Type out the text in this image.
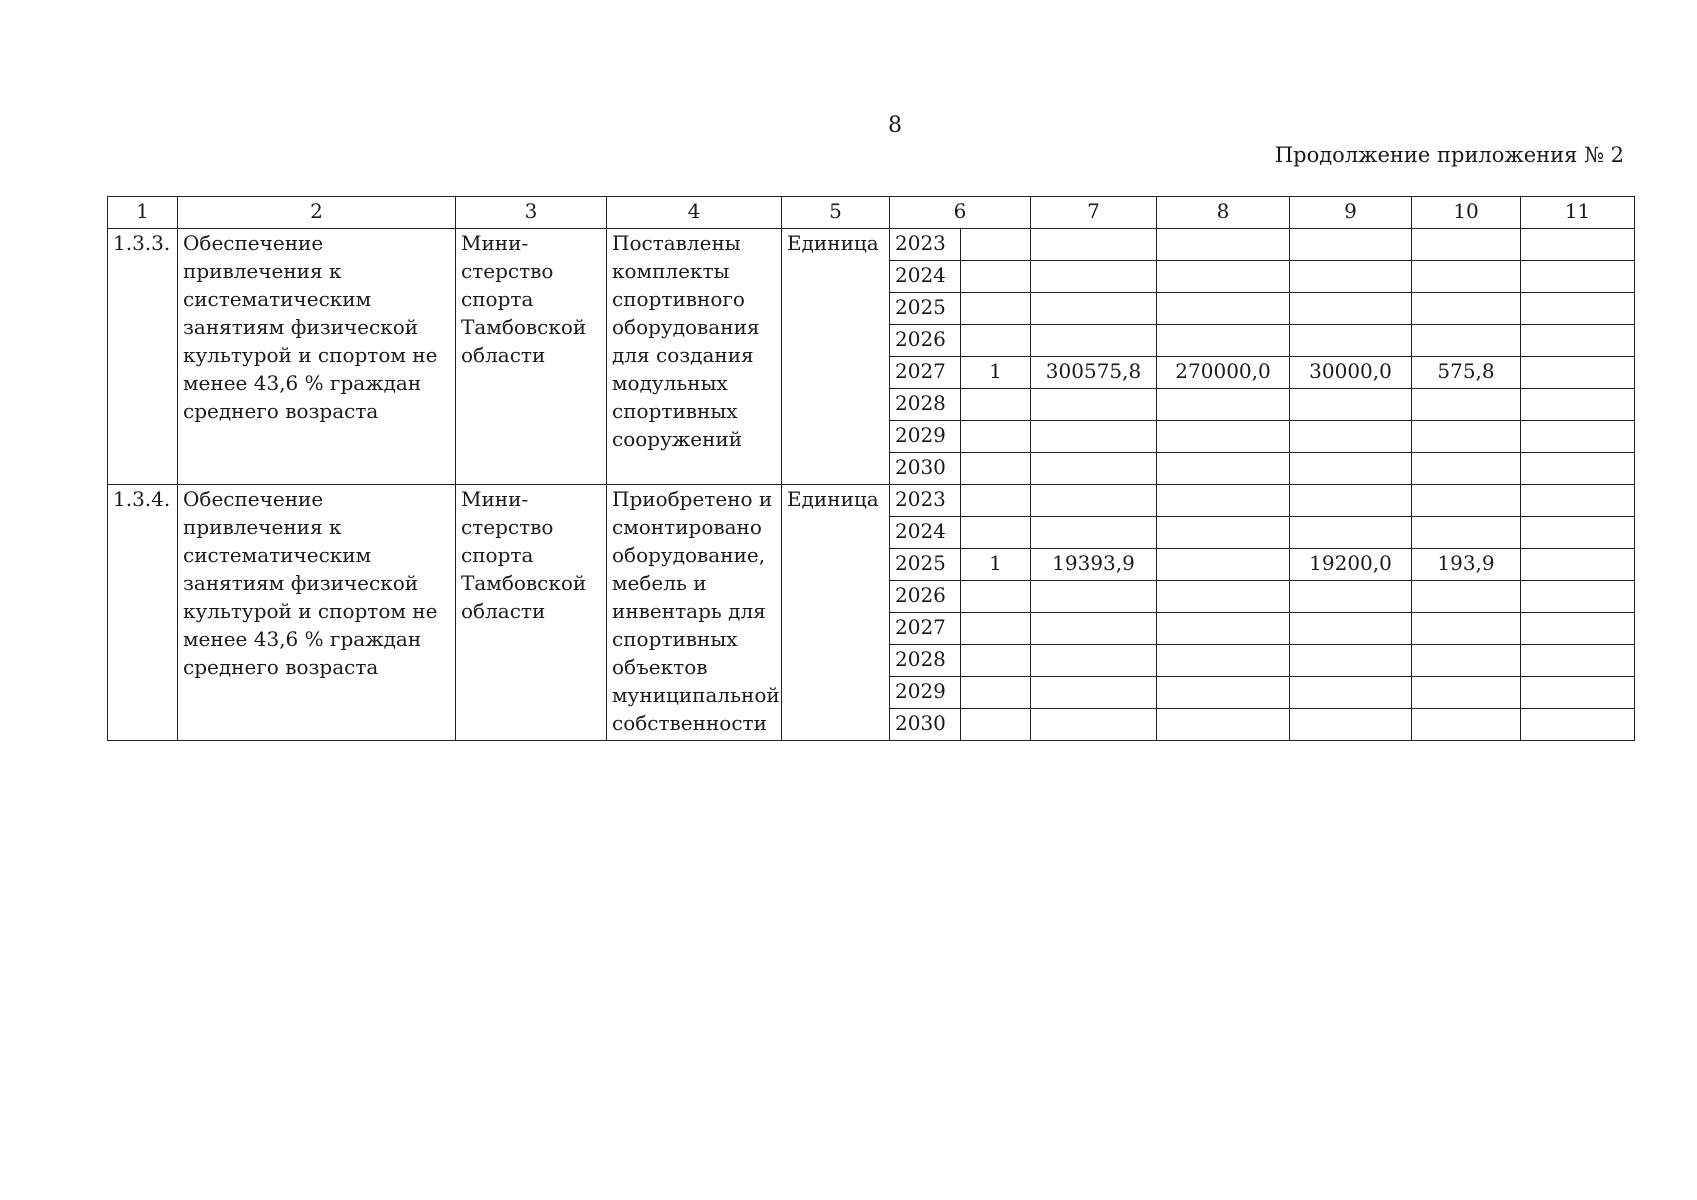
8
Продолжение приложения № 2
1	2	3	4	5	6		7	8	9	10	11
1.3.3.	Обеспечение привлечения к систематическим занятиям физической культурой и спортом не менее 43,6 % граждан среднего возраста	Мини-стерство спорта Тамбовской области	Поставлены комплекты спортивного оборудования для создания модульных спортивных сооружений	Единица	2023						
					2024						
					2025						
					2026						
					2027	1	300575,8	270000,0	30000,0	575,8	
					2028						
					2029						
					2030						
1.3.4.	Обеспечение привлечения к систематическим занятиям физической культурой и спортом не менее 43,6 % граждан среднего возраста	Мини-стерство спорта Тамбовской области	Приобретено и смонтировано оборудование, мебель и инвентарь для спортивных объектов муниципальной собственности	Единица	2023						
					2024						
					2025	1	19393,9		19200,0	193,9	
					2026						
					2027						
					2028						
					2029						
					2030						
